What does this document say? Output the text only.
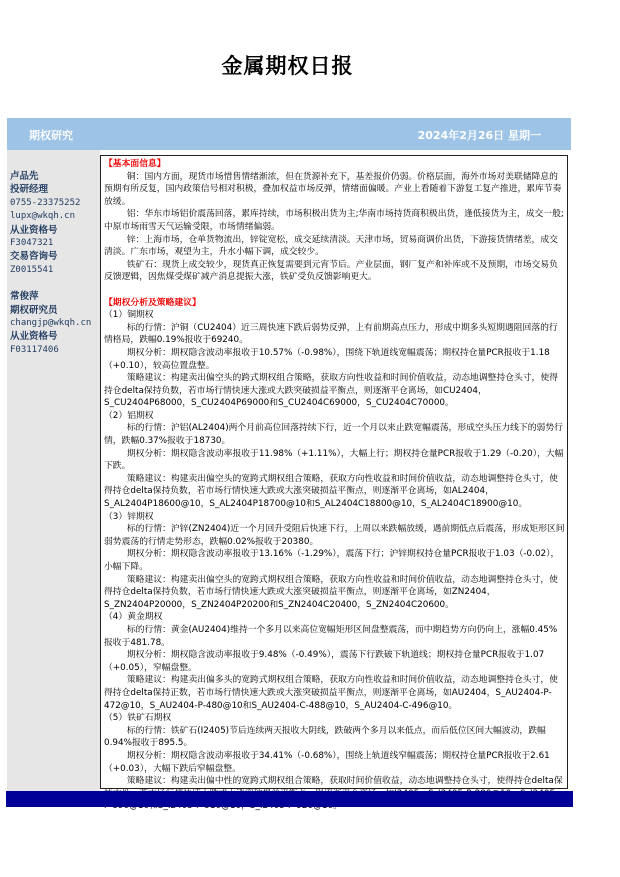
金属期权日报
期权研究	2024年2月26日 星期一
卢品先
投研经理
0755-23375252
lupx@wkqh.cn
从业资格号
F3047321
交易咨询号
Z0015541
常俊萍
期权研究员
changjp@wkqh.cn
从业资格号
F03117406
【基本面信息】

铜：国内方面，现货市场惜售情绪渐浓，但在货源补充下，基差报价仍弱。价格层面，海外市场对美联储降息的预期有所反复，国内政策信号相对积极，叠加权益市场反弹，情绪面偏暖。产业上看随着下游复工复产推进，累库节奏放缓。

铝：华东市场铝价震荡回落，累库持续，市场积极出货为主;华南市场持货商积极出货，逢低接货为主，成交一般;中原市场雨雪天气运输受限，市场情绪偏弱。

锌：上海市场，仓单货物流出，锌锭宽松，成交延续清淡。天津市场，贸易商调价出货，下游接货情绪差，成交清淡。广东市场，观望为主，升水小幅下调，成交较少。

铁矿石：现货上成交较少，现货真正恢复需要到元宵节后。产业层面，钢厂复产和补库或不及预期，市场交易负反馈逻辑，因焦煤受煤矿减产消息提振大涨，铁矿受负反馈影响更大。

【期权分析及策略建议】

（1）铜期权

标的行情：沪铜（CU2404）近三周快速下跌后弱势反弹，上有前期高点压力，形成中期多头短期遇阻回落的行情格局，跌幅0.19%报收于69240。

期权分析：期权隐含波动率报收于10.57%（-0.98%），围绕下轨道线宽幅震荡；期权持仓量PCR报收于1.18（+0.10），较高位置盘整。

策略建议：构建卖出偏空头的跨式期权组合策略，获取方向性收益和时间价值收益，动态地调整持仓头寸，使得持仓delta保持负数，若市场行情快速大涨或大跌突破损益平衡点，则逐渐平仓离场，如CU2404，S_CU2404P68000，S_CU2404P69000和S_CU2404C69000，S_CU2404C70000。

（2）铝期权

标的行情：沪铝(AL2404)两个月前高位回落持续下行，近一个月以来止跌宽幅震荡，形成空头压力线下的弱势行情，跌幅0.37%报收于18730。

期权分析：期权隐含波动率报收于11.98%（+1.11%），大幅上行；期权持仓量PCR报收于1.29（-0.20），大幅下跌。

策略建议：构建卖出偏空头的宽跨式期权组合策略，获取方向性收益和时间价值收益，动态地调整持仓头寸，使得持仓delta保持负数，若市场行情快速大跌或大涨突破损益平衡点，则逐渐平仓离场，如AL2404，S_AL2404P18600@10，S_AL2404P18700@10和S_AL2404C18800@10，S_AL2404C18900@10。

（3）锌期权

标的行情：沪锌(ZN2404)近一个月回升受阻后快速下行，上周以来跌幅放缓，遇前期低点后震荡，形成矩形区间弱势震荡的行情走势形态，跌幅0.02%报收于20380。

期权分析：期权隐含波动率报收于13.16%（-1.29%），震荡下行；沪锌期权持仓量PCR报收于1.03（-0.02），小幅下降。

策略建议：构建卖出偏空头的宽跨式期权组合策略，获取方向性收益和时间价值收益，动态地调整持仓头寸，使得持仓delta保持负数，若市场行情快速大跌或大涨突破损益平衡点，则逐渐平仓离场，如ZN2404，S_ZN2404P20000，S_ZN2404P20200和S_ZN2404C20400，S_ZN2404C20600。

（4）黄金期权

标的行情：黄金(AU2404)维持一个多月以来高位宽幅矩形区间盘整震荡，而中期趋势方向仍向上，涨幅0.45%报收于481.78。

期权分析：期权隐含波动率报收于9.48%（-0.49%），震荡下行跌破下轨道线；期权持仓量PCR报收于1.07（+0.05），窄幅盘整。

策略建议：构建卖出偏多头的宽跨式期权组合策略，获取方向性收益和时间价值收益，动态地调整持仓头寸，使得持仓delta保持正数，若市场行情快速大跌或大涨突破损益平衡点，则逐渐平仓离场，如AU2404，S_AU2404-P-472@10，S_AU2404-P-480@10和S_AU2404-C-488@10，S_AU2404-C-496@10。

（5）铁矿石期权

标的行情：铁矿石(I2405)节后连续两天报收大阴线，跌破两个多月以来低点，而后低位区间大幅波动，跌幅0.94%报收于895.5。

期权分析：期权隐含波动率报收于34.41%（-0.68%），围绕上轨道线窄幅震荡；期权持仓量PCR报收于2.61（+0.03），大幅下跌后窄幅盘整。

策略建议：构建卖出偏中性的宽跨式期权组合策略，获取时间价值收益，动态地调整持仓头寸，使得持仓delta保
